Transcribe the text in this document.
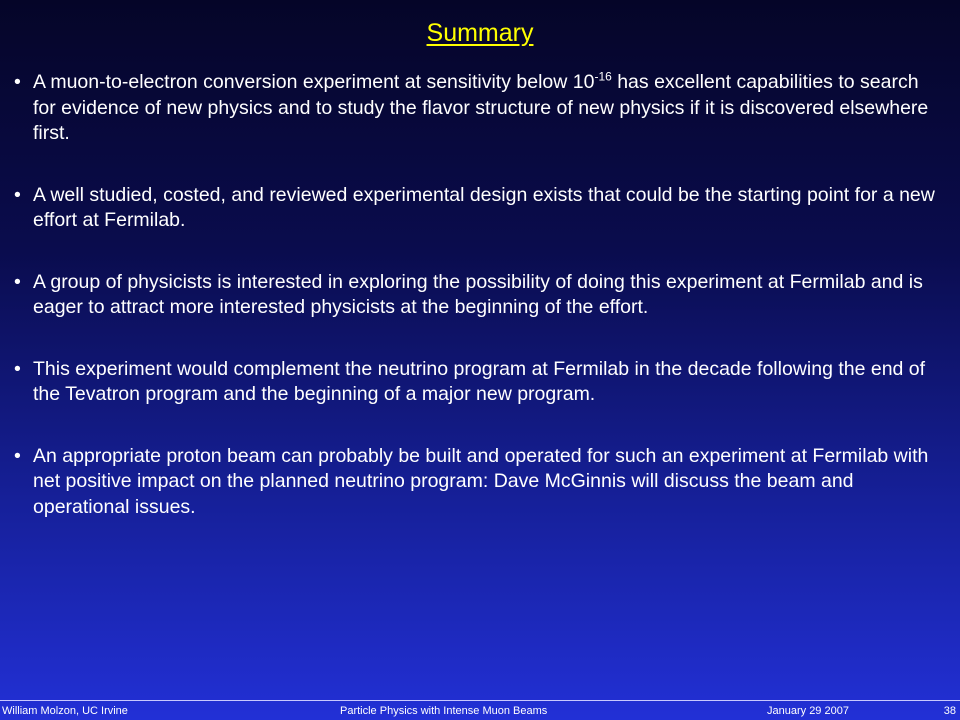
Summary
• A muon-to-electron conversion experiment at sensitivity below $10^{-16}$ has excellent capabilities to search for evidence of new physics and to study the flavor structure of new physics if it is discovered elsewhere first.
• A well studied, costed, and reviewed experimental design exists that could be the starting point for a new effort at Fermilab.
• A group of physicists is interested in exploring the possibility of doing this experiment at Fermilab and is eager to attract more interested physicists at the beginning of the effort.
• This experiment would complement the neutrino program at Fermilab in the decade following the end of the Tevatron program and the beginning of a major new program.
• An appropriate proton beam can probably be built and operated for such an experiment at Fermilab with net positive impact on the planned neutrino program: Dave McGinnis will discuss the beam and operational issues.
William Molzon, UC Irvine	Particle Physics with Intense Muon Beams	January 29 2007	38
